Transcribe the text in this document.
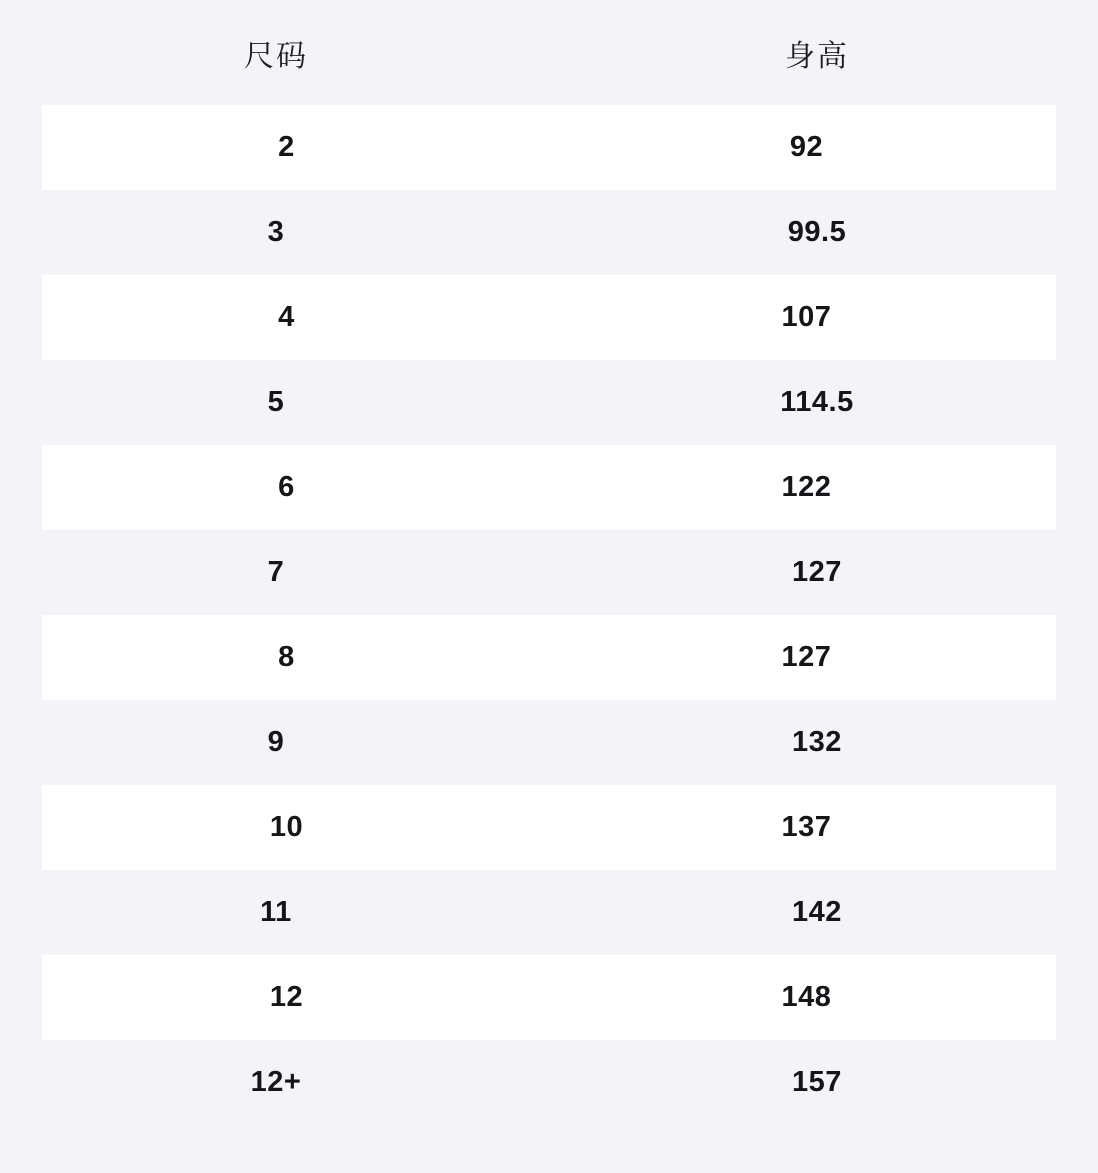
尺码	身高
2	92
3	99.5
4	107
5	114.5
6	122
7	127
8	127
9	132
10	137
11	142
12	148
12+	157
